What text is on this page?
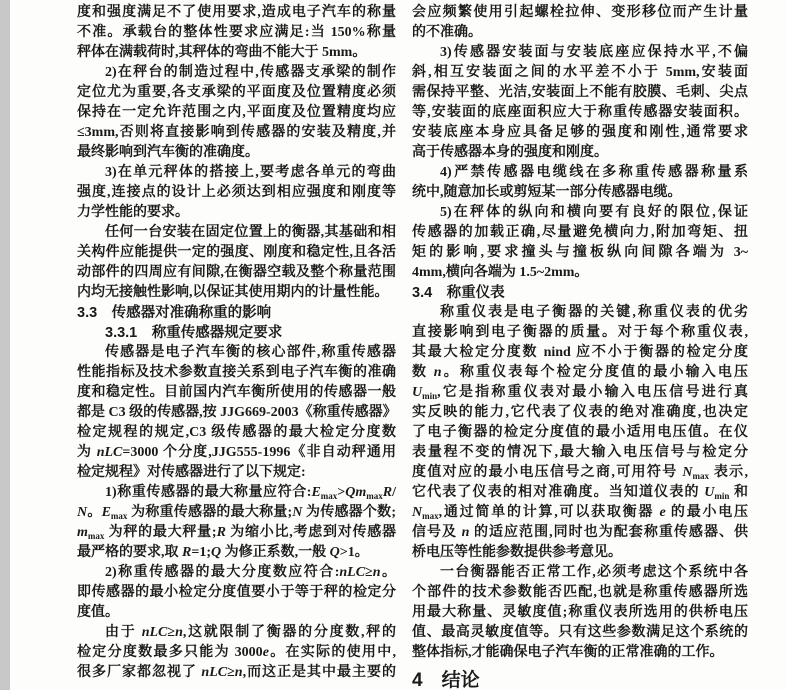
度和强度满足不了使用要求,造成电子汽车的称量
不准。承载台的整体性要求应满足:当 150%称量
秤体在满载荷时,其秤体的弯曲不能大于 5mm。
2)在秤台的制造过程中,传感器支承梁的制作
定位尤为重要,各支承梁的平面度及位置精度必须
保持在一定允许范围之内,平面度及位置精度均应
≤3mm,否则将直接影响到传感器的安装及精度,并
最终影响到汽车衡的准确度。
3)在单元秤体的搭接上,要考虑各单元的弯曲
强度,连接点的设计上必须达到相应强度和刚度等
力学性能的要求。
任何一台安装在固定位置上的衡器,其基础和相
关构件应能提供一定的强度、刚度和稳定性,且各活
动部件的四周应有间隙,在衡器空载及整个称量范围
内均无接触性影响,以保证其使用期内的计量性能。
3.3　传感器对准确称重的影响
3.3.1　称重传感器规定要求
传感器是电子汽车衡的核心部件,称重传感器
性能指标及技术参数直接关系到电子汽车衡的准确
度和稳定性。目前国内汽车衡所使用的传感器一般
都是 C3 级的传感器,按 JJG669-2003《称重传感器》
检定规程的规定,C3 级传感器的最大检定分度数
为 nLC=3000 个分度,JJG555-1996《非自动秤通用
检定规程》对传感器进行了以下规定:
1)称重传感器的最大称量应符合$:E_{max}>Qm_{max}R/$
N。$E_{max}$ 为称重传感器的最大称量;N 为传感器个数;
$m_{max}$ 为秤的最大秤量;R 为缩小比,考虑到对传感器
最严格的要求,取 R=1;Q 为修正系数,一般 Q>1。
2)称重传感器的最大分度数应符合:nLC≥n。
即传感器的最小检定分度值要小于等于秤的检定分
度值。
由于 nLC≥n,这就限制了衡器的分度数,秤的
检定分度数最多只能为 3000e。在实际的使用中,
很多厂家都忽视了 nLC≥n,而这正是其中最主要的
会应频繁使用引起螺栓拉伸、变形移位而产生计量
的不准确。
3)传感器安装面与安装底座应保持水平,不偏
斜,相互安装面之间的水平差不小于 5mm,安装面
需保持平整、光洁,安装面上不能有胶膜、毛刺、尖点
等,安装面的底座面积应大于称重传感器安装面积。
安装底座本身应具备足够的强度和刚性,通常要求
高于传感器本身的强度和刚度。
4)严禁传感器电缆线在多称重传感器称量系
统中,随意加长或剪短某一部分传感器电缆。
5)在秤体的纵向和横向要有良好的限位,保证
传感器的加载正确,尽量避免横向力,附加弯矩、扭
矩的影响,要求撞头与撞板纵向间隙各端为 3~
4mm,横向各端为 1.5~2mm。
3.4　称重仪表
称重仪表是电子衡器的关键,称重仪表的优劣
直接影响到电子衡器的质量。对于每个称重仪表,
其最大检定分度数 nind 应不小于衡器的检定分度
数 n。称重仪表每个检定分度值的最小输入电压
$U_{min}$,它是指称重仪表对最小输入电压信号进行真
实反映的能力,它代表了仪表的绝对准确度,也决定
了电子衡器的检定分度值的最小适用电压值。在仪
表量程不变的情况下,最大输入电压信号与检定分
度值对应的最小电压信号之商,可用符号 $N_{max}$ 表示,
它代表了仪表的相对准确度。当知道仪表的 $U_{min}$ 和
$N_{max}$,通过简单的计算,可以获取衡器 e 的最小电压
信号及 n 的适应范围,同时也为配套称重传感器、供
桥电压等性能参数提供参考意见。
一台衡器能否正常工作,必须考虑这个系统中各
个部件的技术参数能否匹配,也就是称重传感器所选
用最大称量、灵敏度值;称重仪表所选用的供桥电压
值、最高灵敏度值等。只有这些参数满足这个系统的
整体指标,才能确保电子汽车衡的正常准确的工作。
4　结论
